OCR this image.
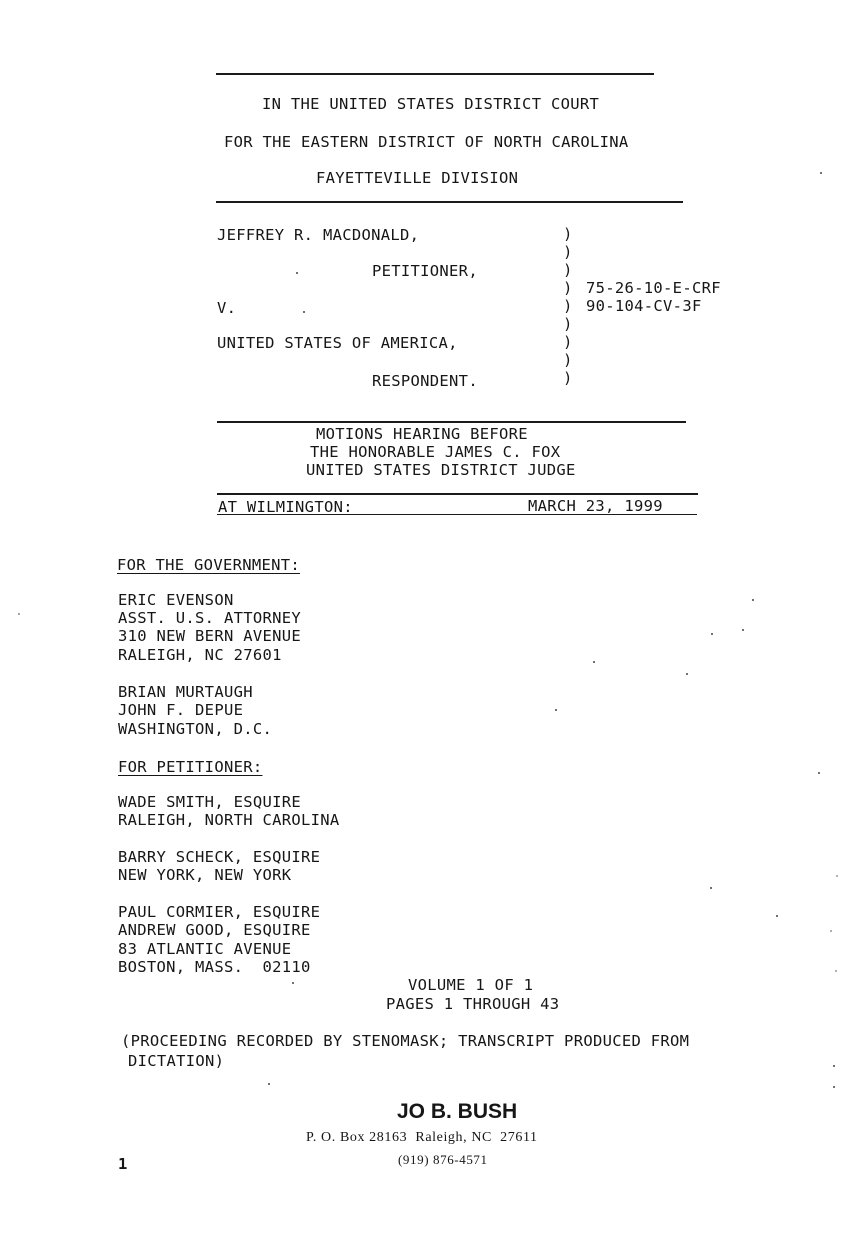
IN THE UNITED STATES DISTRICT COURT
FOR THE EASTERN DISTRICT OF NORTH CAROLINA
FAYETTEVILLE DIVISION
JEFFREY R. MACDONALD,
PETITIONER,
V.
UNITED STATES OF AMERICA,
RESPONDENT.
)
)
)
)
)
)
)
)
)
75-26-10-E-CRF
90-104-CV-3F
MOTIONS HEARING BEFORE
THE HONORABLE JAMES C. FOX
UNITED STATES DISTRICT JUDGE
AT WILMINGTON:	MARCH 23, 1999
FOR THE GOVERNMENT:
ERIC EVENSON
ASST. U.S. ATTORNEY
310 NEW BERN AVENUE
RALEIGH, NC 27601
BRIAN MURTAUGH
JOHN F. DEPUE
WASHINGTON, D.C.
FOR PETITIONER:
WADE SMITH, ESQUIRE
RALEIGH, NORTH CAROLINA
BARRY SCHECK, ESQUIRE
NEW YORK, NEW YORK
PAUL CORMIER, ESQUIRE
ANDREW GOOD, ESQUIRE
83 ATLANTIC AVENUE
BOSTON, MASS.  02110
VOLUME 1 OF 1
PAGES 1 THROUGH 43
(PROCEEDING RECORDED BY STENOMASK; TRANSCRIPT PRODUCED FROM
DICTATION)
JO B. BUSH
P. O. Box 28163  Raleigh, NC  27611
(919) 876-4571
1
